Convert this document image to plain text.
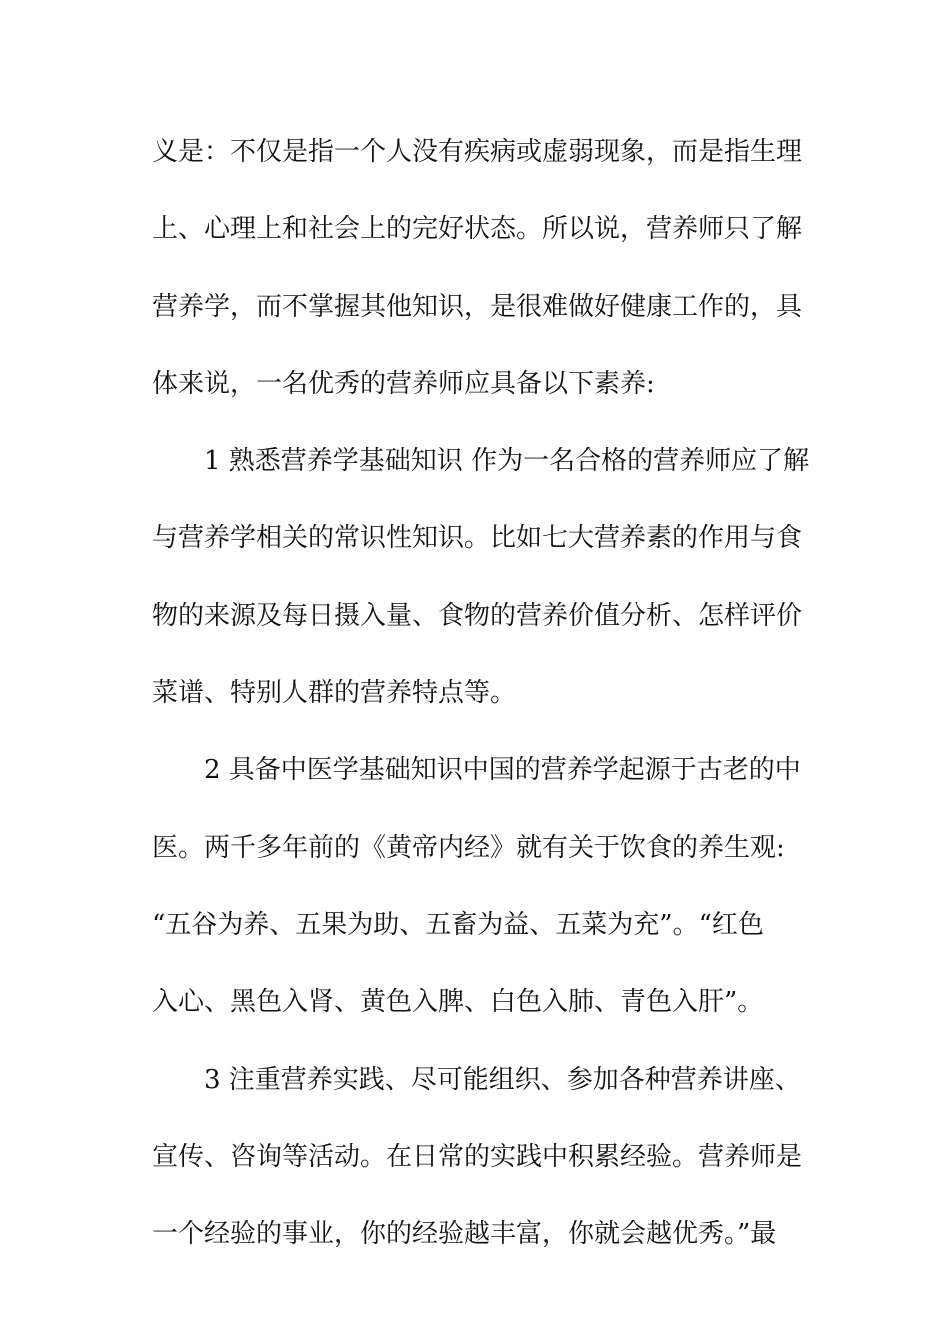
义是：不仅是指一个人没有疾病或虚弱现象，而是指生理
上、心理上和社会上的完好状态。所以说，营养师只了解
营养学，而不掌握其他知识，是很难做好健康工作的，具
体来说，一名优秀的营养师应具备以下素养:
1 熟悉营养学基础知识 作为一名合格的营养师应了解
与营养学相关的常识性知识。比如七大营养素的作用与食
物的来源及每日摄入量、食物的营养价值分析、怎样评价
菜谱、特别人群的营养特点等。
2 具备中医学基础知识中国的营养学起源于古老的中
医。两千多年前的《黄帝内经》就有关于饮食的养生观:
“五谷为养、五果为助、五畜为益、五菜为充”。“红色
入心、黑色入肾、黄色入脾、白色入肺、青色入肝”。
3 注重营养实践、尽可能组织、参加各种营养讲座、
宣传、咨询等活动。在日常的实践中积累经验。营养师是
一个经验的事业，你的经验越丰富，你就会越优秀。”最
